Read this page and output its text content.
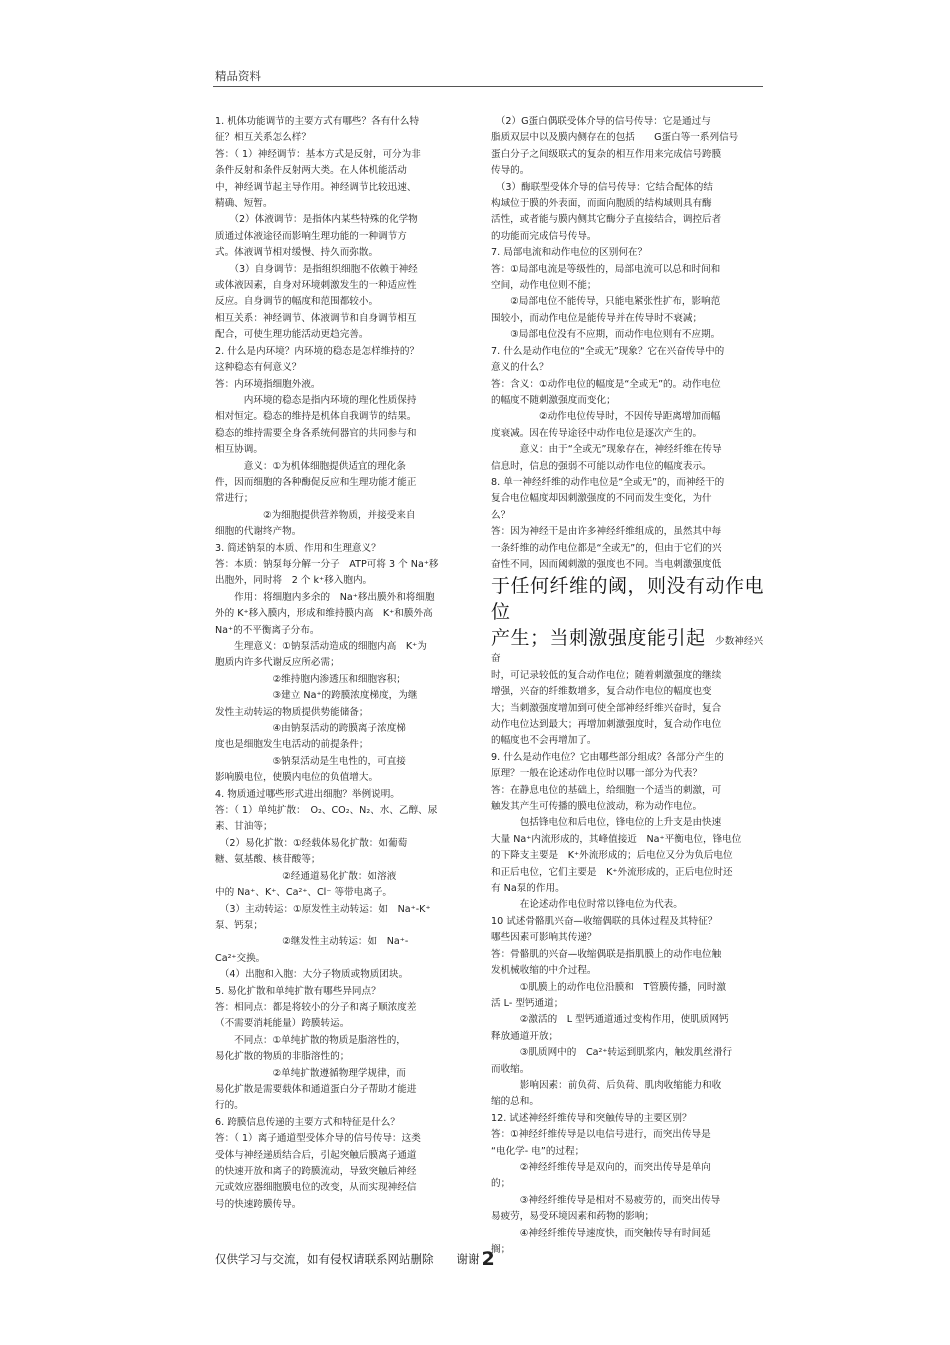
精品资料

1. 机体功能调节的主要方式有哪些？各有什么特

征？相互关系怎么样？

答：（ 1）神经调节：基本方式是反射，可分为非

条件反射和条件反射两大类。在人体机能活动

中，神经调节起主导作用。神经调节比较迅速、

精确、短暂。

　　（2）体液调节：是指体内某些特殊的化学物

质通过体液途径而影响生理功能的一种调节方

式。体液调节相对缓慢、持久而弥散。

　　（3）自身调节：是指组织细胞不依赖于神经

或体液因素，自身对环境刺激发生的一种适应性

反应。自身调节的幅度和范围都较小。

相互关系：神经调节、体液调节和自身调节相互

配合，可使生理功能活动更趋完善。

2. 什么是内环境？内环境的稳态是怎样维持的？

这种稳态有何意义？

答：内环境指细胞外液。

　　　内环境的稳态是指内环境的理化性质保持

相对恒定。稳态的维持是机体自我调节的结果。

稳态的维持需要全身各系统何器官的共同参与和

相互协调。

　　　意义：①为机体细胞提供适宜的理化条

件，因而细胞的各种酶促反应和生理功能才能正

常进行；

　　　　　②为细胞提供营养物质，并接受来自

细胞的代谢终产物。

3. 简述钠泵的本质、作用和生理意义？

答：本质：钠泵每分解一分子　ATP可将 3 个 Na⁺移

出胞外，同时将　2 个 k⁺移入胞内。

　　作用：将细胞内多余的　Na⁺移出膜外和将细胞

外的 K⁺移入膜内，形成和维持膜内高　K⁺和膜外高

Na⁺的不平衡离子分布。

　　生理意义：①钠泵活动造成的细胞内高　K⁺为

胞质内许多代谢反应所必需；

　　　　　　②维持胞内渗透压和细胞容积；

　　　　　　③建立 Na⁺的跨膜浓度梯度，为继

发性主动转运的物质提供势能储备；

　　　　　　④由钠泵活动的跨膜离子浓度梯

度也是细胞发生电活动的前提条件；

　　　　　　⑤钠泵活动是生电性的，可直接

影响膜电位，使膜内电位的负值增大。

4. 物质通过哪些形式进出细胞？举例说明。

答：（ 1）单纯扩散：　O₂、CO₂、N₂、水、乙醇、尿

素、甘油等；

　（2）易化扩散：①经载体易化扩散：如葡萄

糖、氨基酸、核苷酸等；

　　　　　　　②经通道易化扩散：如溶液

中的 Na⁺、K⁺、Ca²⁺、Cl⁻ 等带电离子。

　（3）主动转运：①原发性主动转运：如　Na⁺-K⁺

泵、钙泵；

　　　　　　　②继发性主动转运：如　Na⁺-

Ca²⁺交换。

　（4）出胞和入胞：大分子物质或物质团块。

5. 易化扩散和单纯扩散有哪些异同点？

答：相同点：都是将较小的分子和离子顺浓度差

（不需要消耗能量）跨膜转运。

　　不同点：①单纯扩散的物质是脂溶性的，

易化扩散的物质的非脂溶性的；

　　　　　　②单纯扩散遵循物理学规律，而

易化扩散是需要载体和通道蛋白分子帮助才能进

行的。

6. 跨膜信息传递的主要方式和特征是什么？

答：（ 1）离子通道型受体介导的信号传导：这类

受体与神经递质结合后，引起突触后膜离子通道

的快速开放和离子的跨膜流动，导致突触后神经

元或效应器细胞膜电位的改变，从而实现神经信

号的快速跨膜传导。

　（2）G蛋白偶联受体介导的信号传导：它是通过与

脂质双层中以及膜内侧存在的包括　　G蛋白等一系列信号

蛋白分子之间级联式的复杂的相互作用来完成信号跨膜

传导的。

　（3）酶联型受体介导的信号传导：它结合配体的结

构域位于膜的外表面，而面向胞质的结构域则具有酶

活性，或者能与膜内侧其它酶分子直接结合，调控后者

的功能而完成信号传导。

7. 局部电流和动作电位的区别何在？

答：①局部电流是等级性的，局部电流可以总和时间和

空间，动作电位则不能；

　　②局部电位不能传导，只能电紧张性扩布，影响范

围较小，而动作电位是能传导并在传导时不衰减；

　　③局部电位没有不应期，而动作电位则有不应期。

7. 什么是动作电位的“全或无”现象？它在兴奋传导中的

意义的什么？

答：含义：①动作电位的幅度是“全或无”的。动作电位

的幅度不随刺激强度而变化；

　　　　　②动作电位传导时，不因传导距离增加而幅

度衰减。因在传导途径中动作电位是逐次产生的。

　　　意义：由于“全或无”现象存在，神经纤维在传导

信息时，信息的强弱不可能以动作电位的幅度表示。

8. 单一神经纤维的动作电位是“全或无”的，而神经干的

复合电位幅度却因刺激强度的不同而发生变化，为什

么？

答：因为神经干是由许多神经纤维组成的，虽然其中每

一条纤维的动作电位都是“全或无”的，但由于它们的兴

奋性不同，因而阈刺激的强度也不同。当电刺激强度低

于任何纤维的阈，则没有动作电位
产生；当刺激强度能引起　少数神经兴奋

时，可记录较低的复合动作电位；随着刺激强度的继续

增强，兴奋的纤维数增多，复合动作电位的幅度也变

大；当刺激强度增加到可使全部神经纤维兴奋时，复合

动作电位达到最大；再增加刺激强度时，复合动作电位

的幅度也不会再增加了。

9. 什么是动作电位？它由哪些部分组成？各部分产生的

原理？一般在论述动作电位时以哪一部分为代表？

答：在静息电位的基础上，给细胞一个适当的刺激，可

触发其产生可传播的膜电位波动，称为动作电位。

　　　包括锋电位和后电位，锋电位的上升支是由快速

大量 Na⁺内流形成的，其峰值接近　Na⁺平衡电位，锋电位

的下降支主要是　K⁺外流形成的；后电位又分为负后电位

和正后电位，它们主要是　K⁺外流形成的，正后电位时还

有 Na泵的作用。

　　　在论述动作电位时常以锋电位为代表。

10 试述骨骼肌兴奋—收缩偶联的具体过程及其特征？

哪些因素可影响其传递？

答：骨骼肌的兴奋—收缩偶联是指肌膜上的动作电位触

发机械收缩的中介过程。

　　　①肌膜上的动作电位沿膜和　T管膜传播，同时激

活 L- 型钙通道；

　　　②激活的　L 型钙通道通过变构作用，使肌质网钙

释放通道开放；

　　　③肌质网中的　Ca²⁺转运到肌浆内，触发肌丝滑行

而收缩。

　　　影响因素：前负荷、后负荷、肌肉收缩能力和收

缩的总和。

12. 试述神经纤维传导和突触传导的主要区别？

答：①神经纤维传导是以电信号进行，而突出传导是

“电化学- 电”的过程；

　　　②神经纤维传导是双向的，而突出传导是单向

的；

　　　③神经纤维传导是相对不易疲劳的，而突出传导

易疲劳，易受环境因素和药物的影响；

　　　④神经纤维传导速度快，而突触传导有时间延

搁；

仅供学习与交流，如有侵权请联系网站删除　　谢谢 2
